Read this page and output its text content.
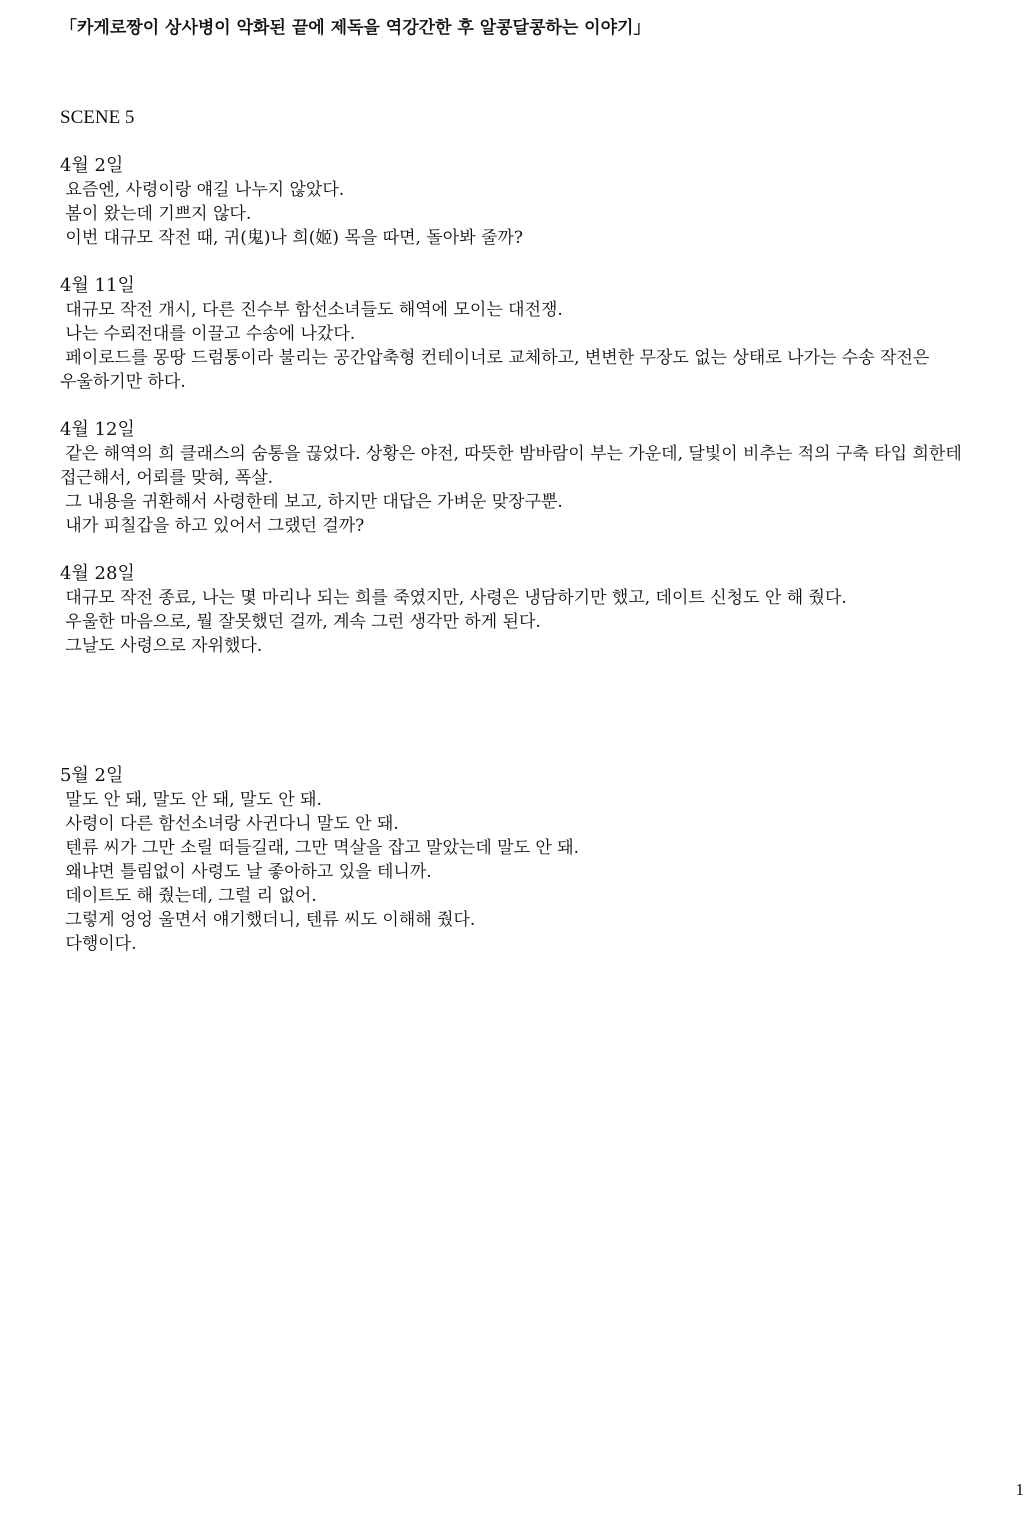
「카게로짱이 상사병이 악화된 끝에 제독을 역강간한 후 알콩달콩하는 이야기」
SCENE 5
4월 2일
요즘엔, 사령이랑 얘길 나누지 않았다.
봄이 왔는데 기쁘지 않다.
이번 대규모 작전 때, 귀(鬼)나 희(姬) 목을 따면, 돌아봐 줄까?
4월 11일
대규모 작전 개시, 다른 진수부 함선소녀들도 해역에 모이는 대전쟁.
나는 수뢰전대를 이끌고 수송에 나갔다.
페이로드를 몽땅 드럼통이라 불리는 공간압축형 컨테이너로 교체하고, 변변한 무장도 없는 상태로 나가는 수송 작전은 우울하기만 하다.
4월 12일
같은 해역의 희 클래스의 숨통을 끊었다. 상황은 야전, 따뜻한 밤바람이 부는 가운데, 달빛이 비추는 적의 구축 타입 희한테 접근해서, 어뢰를 맞혀, 폭살.
그 내용을 귀환해서 사령한테 보고, 하지만 대답은 가벼운 맞장구뿐.
내가 피칠갑을 하고 있어서 그랬던 걸까?
4월 28일
대규모 작전 종료, 나는 몇 마리나 되는 희를 죽였지만, 사령은 냉담하기만 했고, 데이트 신청도 안 해 줬다.
우울한 마음으로, 뭘 잘못했던 걸까, 계속 그런 생각만 하게 된다.
그날도 사령으로 자위했다.
5월 2일
말도 안 돼, 말도 안 돼, 말도 안 돼.
사령이 다른 함선소녀랑 사귄다니 말도 안 돼.
텐류 씨가 그만 소릴 떠들길래, 그만 멱살을 잡고 말았는데 말도 안 돼.
왜냐면 틀림없이 사령도 날 좋아하고 있을 테니까.
데이트도 해 줬는데, 그럴 리 없어.
그렇게 엉엉 울면서 얘기했더니, 텐류 씨도 이해해 줬다.
다행이다.
1
